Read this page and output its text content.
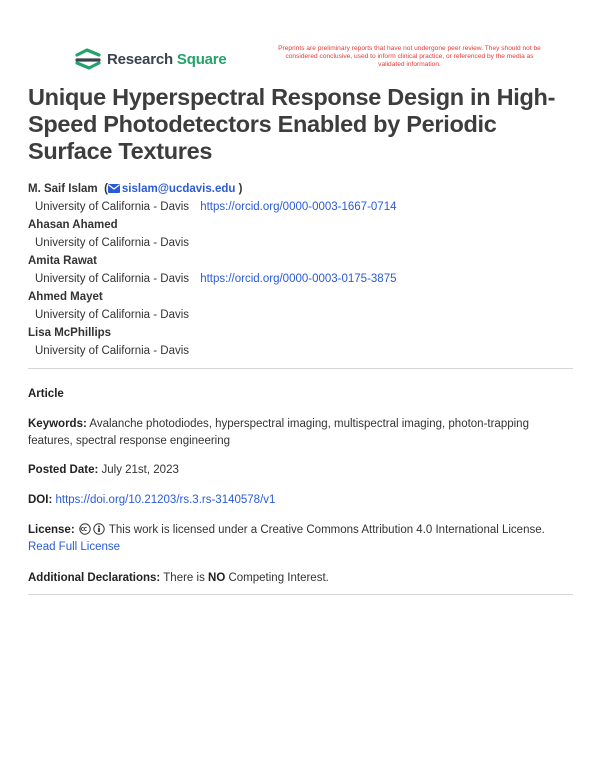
Research Square
Preprints are preliminary reports that have not undergone peer review. They should not be considered conclusive, used to inform clinical practice, or referenced by the media as validated information.
Unique Hyperspectral Response Design in High-Speed Photodetectors Enabled by Periodic Surface Textures
M. Saif Islam  ( sislam@ucdavis.edu )
University of California - Davis https://orcid.org/0000-0003-1667-0714
Ahasan Ahamed
University of California - Davis
Amita Rawat
University of California - Davis https://orcid.org/0000-0003-0175-3875
Ahmed Mayet
University of California - Davis
Lisa McPhillips
University of California - Davis
Article
Keywords: Avalanche photodiodes, hyperspectral imaging, multispectral imaging, photon-trapping features, spectral response engineering
Posted Date: July 21st, 2023
DOI: https://doi.org/10.21203/rs.3.rs-3140578/v1
License:	This work is licensed under a Creative Commons Attribution 4.0 International License.
Read Full License
Additional Declarations: There is NO Competing Interest.
